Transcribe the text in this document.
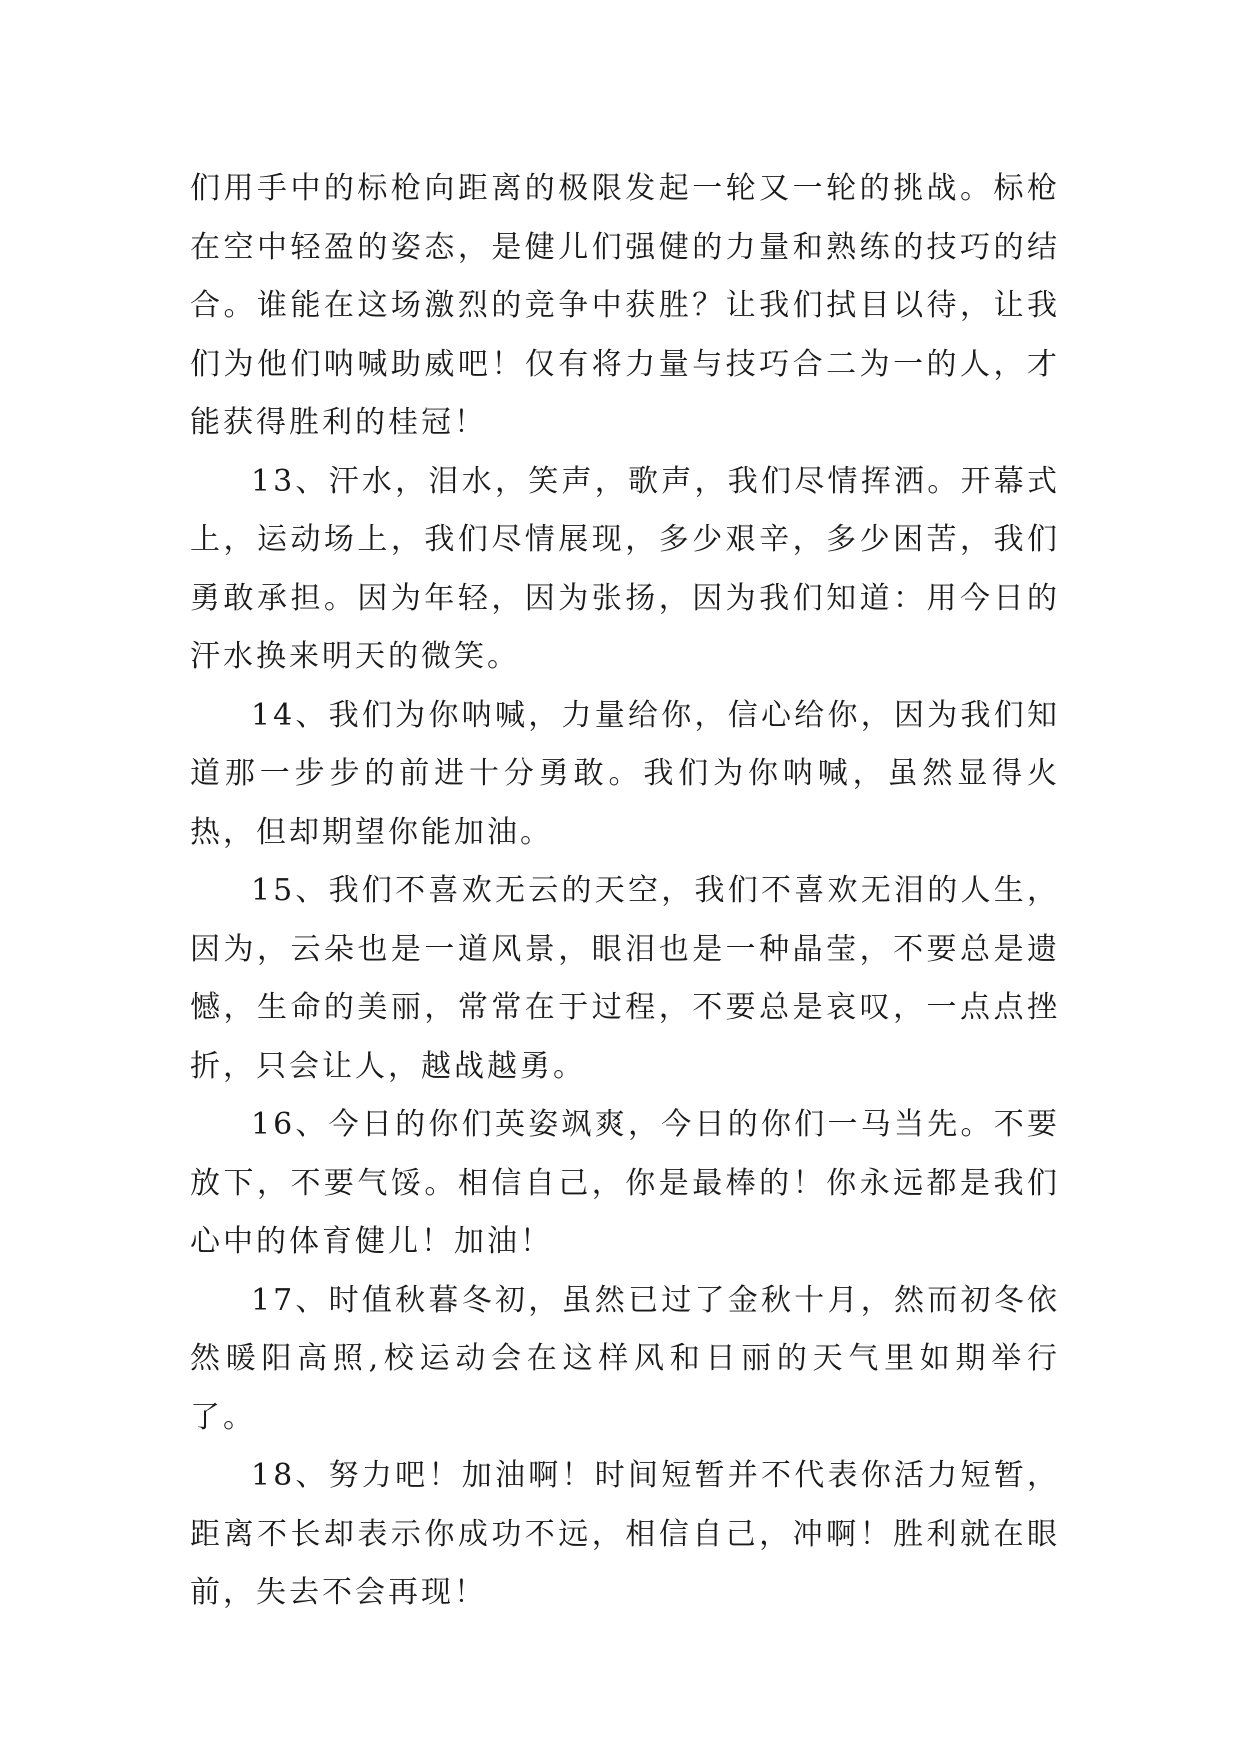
们用手中的标枪向距离的极限发起一轮又一轮的挑战。标枪在空中轻盈的姿态，是健儿们强健的力量和熟练的技巧的结合。谁能在这场激烈的竞争中获胜？让我们拭目以待，让我们为他们呐喊助威吧！仅有将力量与技巧合二为一的人，才能获得胜利的桂冠！

13、汗水，泪水，笑声，歌声，我们尽情挥洒。开幕式上，运动场上，我们尽情展现，多少艰辛，多少困苦，我们勇敢承担。因为年轻，因为张扬，因为我们知道：用今日的汗水换来明天的微笑。

14、我们为你呐喊，力量给你，信心给你，因为我们知道那一步步的前进十分勇敢。我们为你呐喊，虽然显得火热，但却期望你能加油。

15、我们不喜欢无云的天空，我们不喜欢无泪的人生，因为，云朵也是一道风景，眼泪也是一种晶莹，不要总是遗憾，生命的美丽，常常在于过程，不要总是哀叹，一点点挫折，只会让人，越战越勇。

16、今日的你们英姿飒爽，今日的你们一马当先。不要放下，不要气馁。相信自己，你是最棒的！你永远都是我们心中的体育健儿！加油！

17、时值秋暮冬初，虽然已过了金秋十月，然而初冬依然暖阳高照,校运动会在这样风和日丽的天气里如期举行了。

18、努力吧！加油啊！时间短暂并不代表你活力短暂，距离不长却表示你成功不远，相信自己，冲啊！胜利就在眼前，失去不会再现！
